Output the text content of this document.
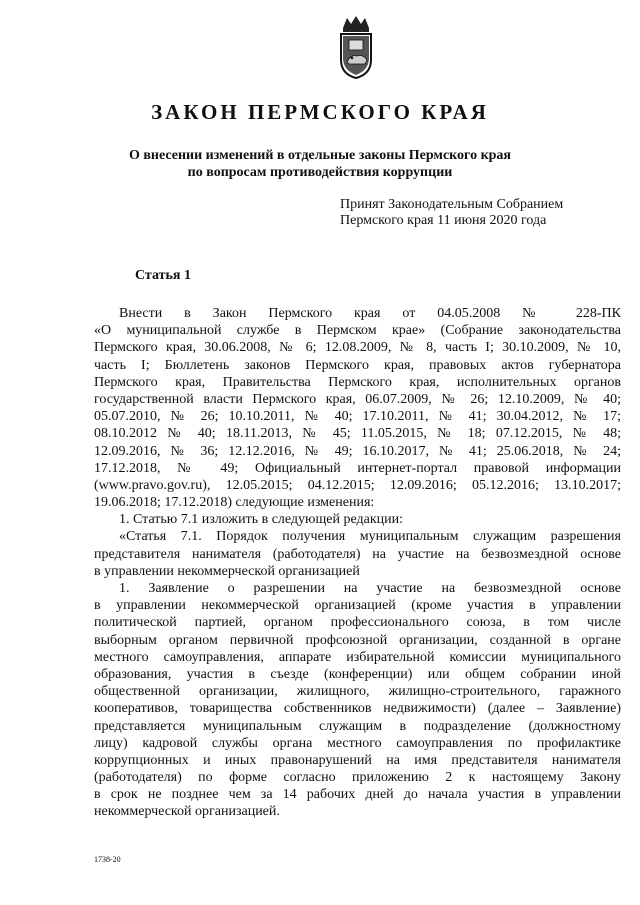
ЗАКОН ПЕРМСКОГО КРАЯ
О внесении изменений в отдельные законы Пермского края
по вопросам противодействия коррупции
Принят Законодательным Собранием
Пермского края 11 июня 2020 года
Статья 1
Внести в Закон Пермского края от 04.05.2008 № 228-ПК
«О муниципальной службе в Пермском крае» (Собрание законодательства
Пермского края, 30.06.2008, № 6; 12.08.2009, № 8, часть I; 30.10.2009, № 10,
часть I; Бюллетень законов Пермского края, правовых актов губернатора
Пермского края, Правительства Пермского края, исполнительных органов
государственной власти Пермского края, 06.07.2009, № 26; 12.10.2009, № 40;
05.07.2010, № 26; 10.10.2011, № 40; 17.10.2011, № 41; 30.04.2012, № 17;
08.10.2012 № 40; 18.11.2013, № 45; 11.05.2015, № 18; 07.12.2015, № 48;
12.09.2016, № 36; 12.12.2016, № 49; 16.10.2017, № 41; 25.06.2018, № 24;
17.12.2018, № 49; Официальный интернет-портал правовой информации
(www.pravo.gov.ru), 12.05.2015; 04.12.2015; 12.09.2016; 05.12.2016; 13.10.2017;
19.06.2018; 17.12.2018) следующие изменения:
1. Статью 7.1 изложить в следующей редакции:
«Статья 7.1. Порядок получения муниципальным служащим разрешения
представителя нанимателя (работодателя) на участие на безвозмездной основе
в управлении некоммерческой организацией
1. Заявление о разрешении на участие на безвозмездной основе
в управлении некоммерческой организацией (кроме участия в управлении
политической партией, органом профессионального союза, в том числе
выборным органом первичной профсоюзной организации, созданной в органе
местного самоуправления, аппарате избирательной комиссии муниципального
образования, участия в съезде (конференции) или общем собрании иной
общественной организации, жилищного, жилищно-строительного, гаражного
кооперативов, товарищества собственников недвижимости) (далее – Заявление)
представляется муниципальным служащим в подразделение (должностному
лицу) кадровой службы органа местного самоуправления по профилактике
коррупционных и иных правонарушений на имя представителя нанимателя
(работодателя) по форме согласно приложению 2 к настоящему Закону
в срок не позднее чем за 14 рабочих дней до начала участия в управлении
некоммерческой организацией.
1738-20
